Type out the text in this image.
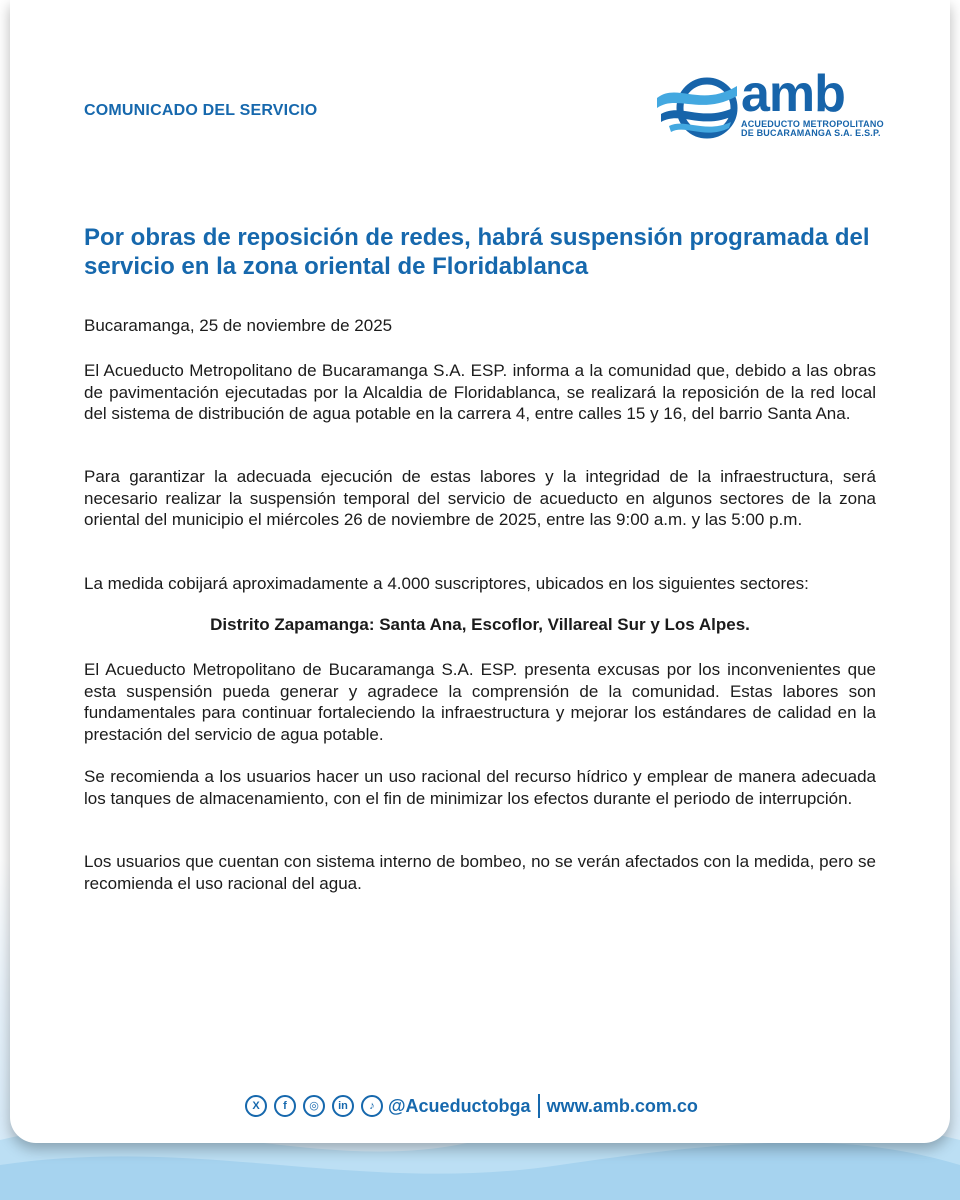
COMUNICADO DEL SERVICIO	amb
ACUEDUCTO METROPOLITANO
DE BUCARAMANGA S.A. E.S.P.
Por obras de reposición de redes, habrá suspensión programada del servicio en la zona oriental de Floridablanca

Bucaramanga, 25 de noviembre de 2025

El Acueducto Metropolitano de Bucaramanga S.A. ESP. informa a la comunidad que, debido a las obras de pavimentación ejecutadas por la Alcaldia de Floridablanca, se realizará la reposición de la red local del sistema de distribución de agua potable en la carrera 4, entre calles 15 y 16, del barrio Santa Ana.

Para garantizar la adecuada ejecución de estas labores y la integridad de la infraestructura, será necesario realizar la suspensión temporal del servicio de acueducto en algunos sectores de la zona oriental del municipio el miércoles 26 de noviembre de 2025, entre las 9:00 a.m. y las 5:00 p.m.

La medida cobijará aproximadamente a 4.000 suscriptores, ubicados en los siguientes sectores:

Distrito Zapamanga: Santa Ana, Escoflor, Villareal Sur y Los Alpes.

El Acueducto Metropolitano de Bucaramanga S.A. ESP. presenta excusas por los inconvenientes que esta suspensión pueda generar y agradece la comprensión de la comunidad. Estas labores son fundamentales para continuar fortaleciendo la infraestructura y mejorar los estándares de calidad en la prestación del servicio de agua potable.

Se recomienda a los usuarios hacer un uso racional del recurso hídrico y emplear de manera adecuada los tanques de almacenamiento, con el fin de minimizar los efectos durante el periodo de interrupción.

Los usuarios que cuentan con sistema interno de bombeo, no se verán afectados con la medida, pero se recomienda el uso racional del agua.

X	f	◎	in	♪ @Acueductobga www.amb.com.co
